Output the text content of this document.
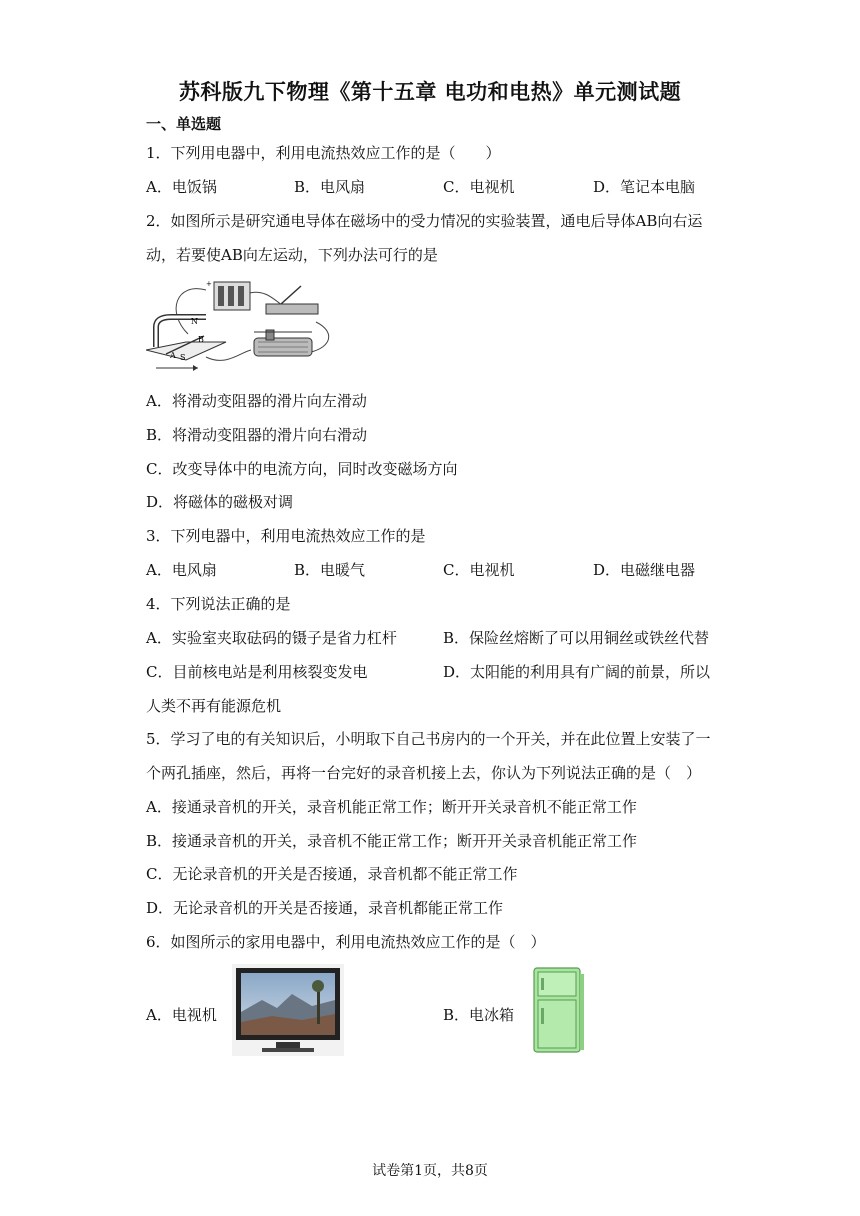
苏科版九下物理《第十五章 电功和电热》单元测试题
一、单选题
1．下列用电器中，利用电流热效应工作的是（　　）
A．电饭锅	B．电风扇	C．电视机	D．笔记本电脑
2．如图所示是研究通电导体在磁场中的受力情况的实验装置，通电后导体AB向右运
动，若要使AB向左运动，下列办法可行的是
+
N
B
A S
A．将滑动变阻器的滑片向左滑动
B．将滑动变阻器的滑片向右滑动
C．改变导体中的电流方向，同时改变磁场方向
D．将磁体的磁极对调
3．下列电器中，利用电流热效应工作的是
A．电风扇	B．电暖气	C．电视机	D．电磁继电器
4．下列说法正确的是
A．实验室夹取砝码的镊子是省力杠杆	B．保险丝熔断了可以用铜丝或铁丝代替
C．目前核电站是利用核裂变发电	D．太阳能的利用具有广阔的前景，所以
人类不再有能源危机
5．学习了电的有关知识后，小明取下自己书房内的一个开关，并在此位置上安装了一
个两孔插座，然后，再将一台完好的录音机接上去，你认为下列说法正确的是（　）
A．接通录音机的开关，录音机能正常工作；断开开关录音机不能正常工作
B．接通录音机的开关，录音机不能正常工作；断开开关录音机能正常工作
C．无论录音机的开关是否接通，录音机都不能正常工作
D．无论录音机的开关是否接通，录音机都能正常工作
6．如图所示的家用电器中，利用电流热效应工作的是（　）
A．电视机	B．电冰箱
试卷第1页，共8页
